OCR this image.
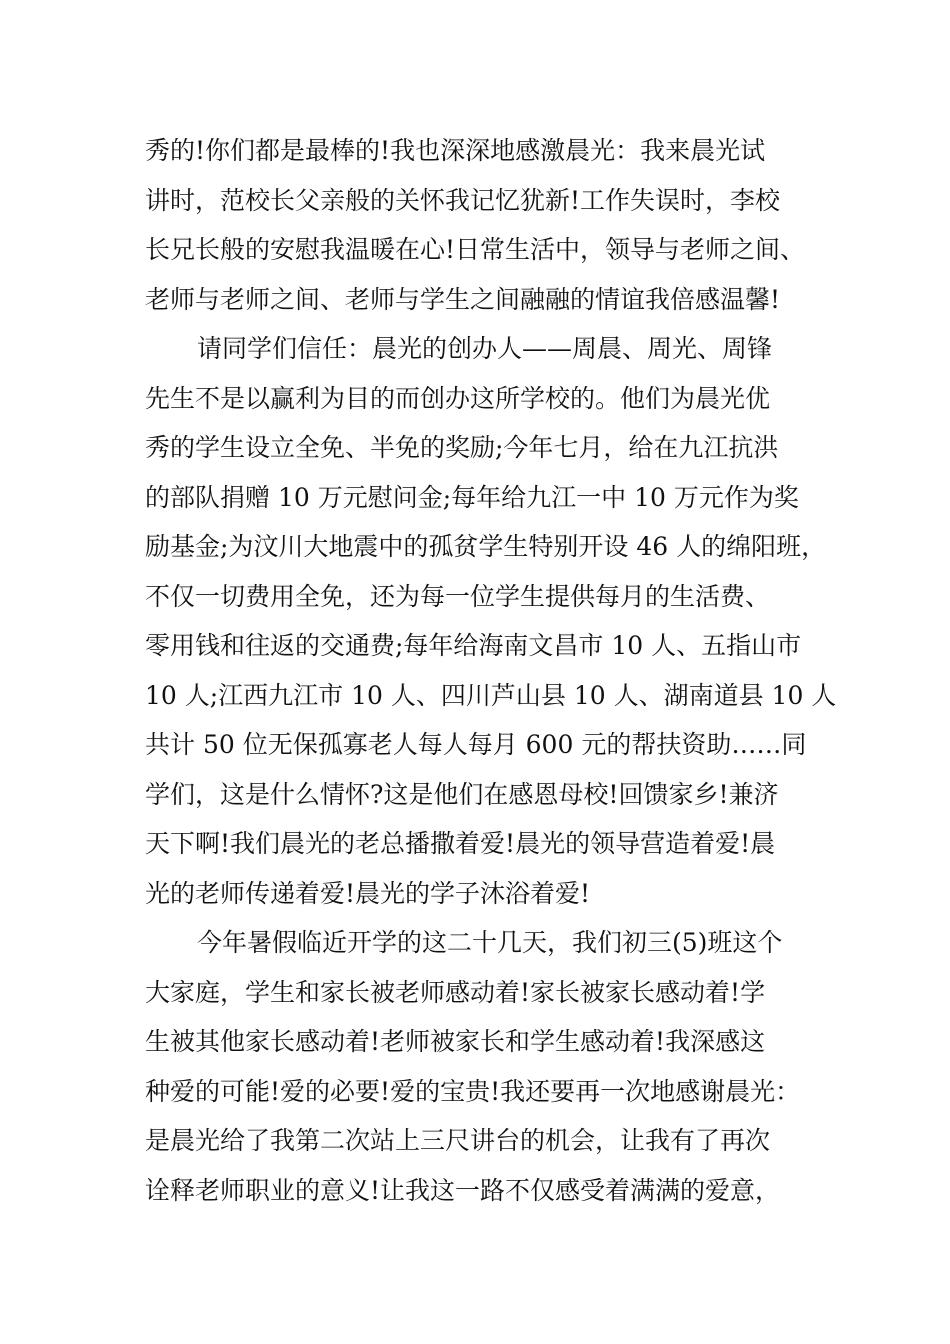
秀的!你们都是最棒的!我也深深地感激晨光：我来晨光试
讲时，范校长父亲般的关怀我记忆犹新!工作失误时，李校
长兄长般的安慰我温暖在心!日常生活中，领导与老师之间、
老师与老师之间、老师与学生之间融融的情谊我倍感温馨!
请同学们信任：晨光的创办人——周晨、周光、周锋
先生不是以赢利为目的而创办这所学校的。他们为晨光优
秀的学生设立全免、半免的奖励;今年七月，给在九江抗洪
的部队捐赠 10 万元慰问金;每年给九江一中 10 万元作为奖
励基金;为汶川大地震中的孤贫学生特别开设 46 人的绵阳班，
不仅一切费用全免，还为每一位学生提供每月的生活费、
零用钱和往返的交通费;每年给海南文昌市 10 人、五指山市
10 人;江西九江市 10 人、四川芦山县 10 人、湖南道县 10 人
共计 50 位无保孤寡老人每人每月 600 元的帮扶资助……同
学们，这是什么情怀?这是他们在感恩母校!回馈家乡!兼济
天下啊!我们晨光的老总播撒着爱!晨光的领导营造着爱!晨
光的老师传递着爱!晨光的学子沐浴着爱!
今年暑假临近开学的这二十几天，我们初三(5)班这个
大家庭，学生和家长被老师感动着!家长被家长感动着!学
生被其他家长感动着!老师被家长和学生感动着!我深感这
种爱的可能!爱的必要!爱的宝贵!我还要再一次地感谢晨光：
是晨光给了我第二次站上三尺讲台的机会，让我有了再次
诠释老师职业的意义!让我这一路不仅感受着满满的爱意，
